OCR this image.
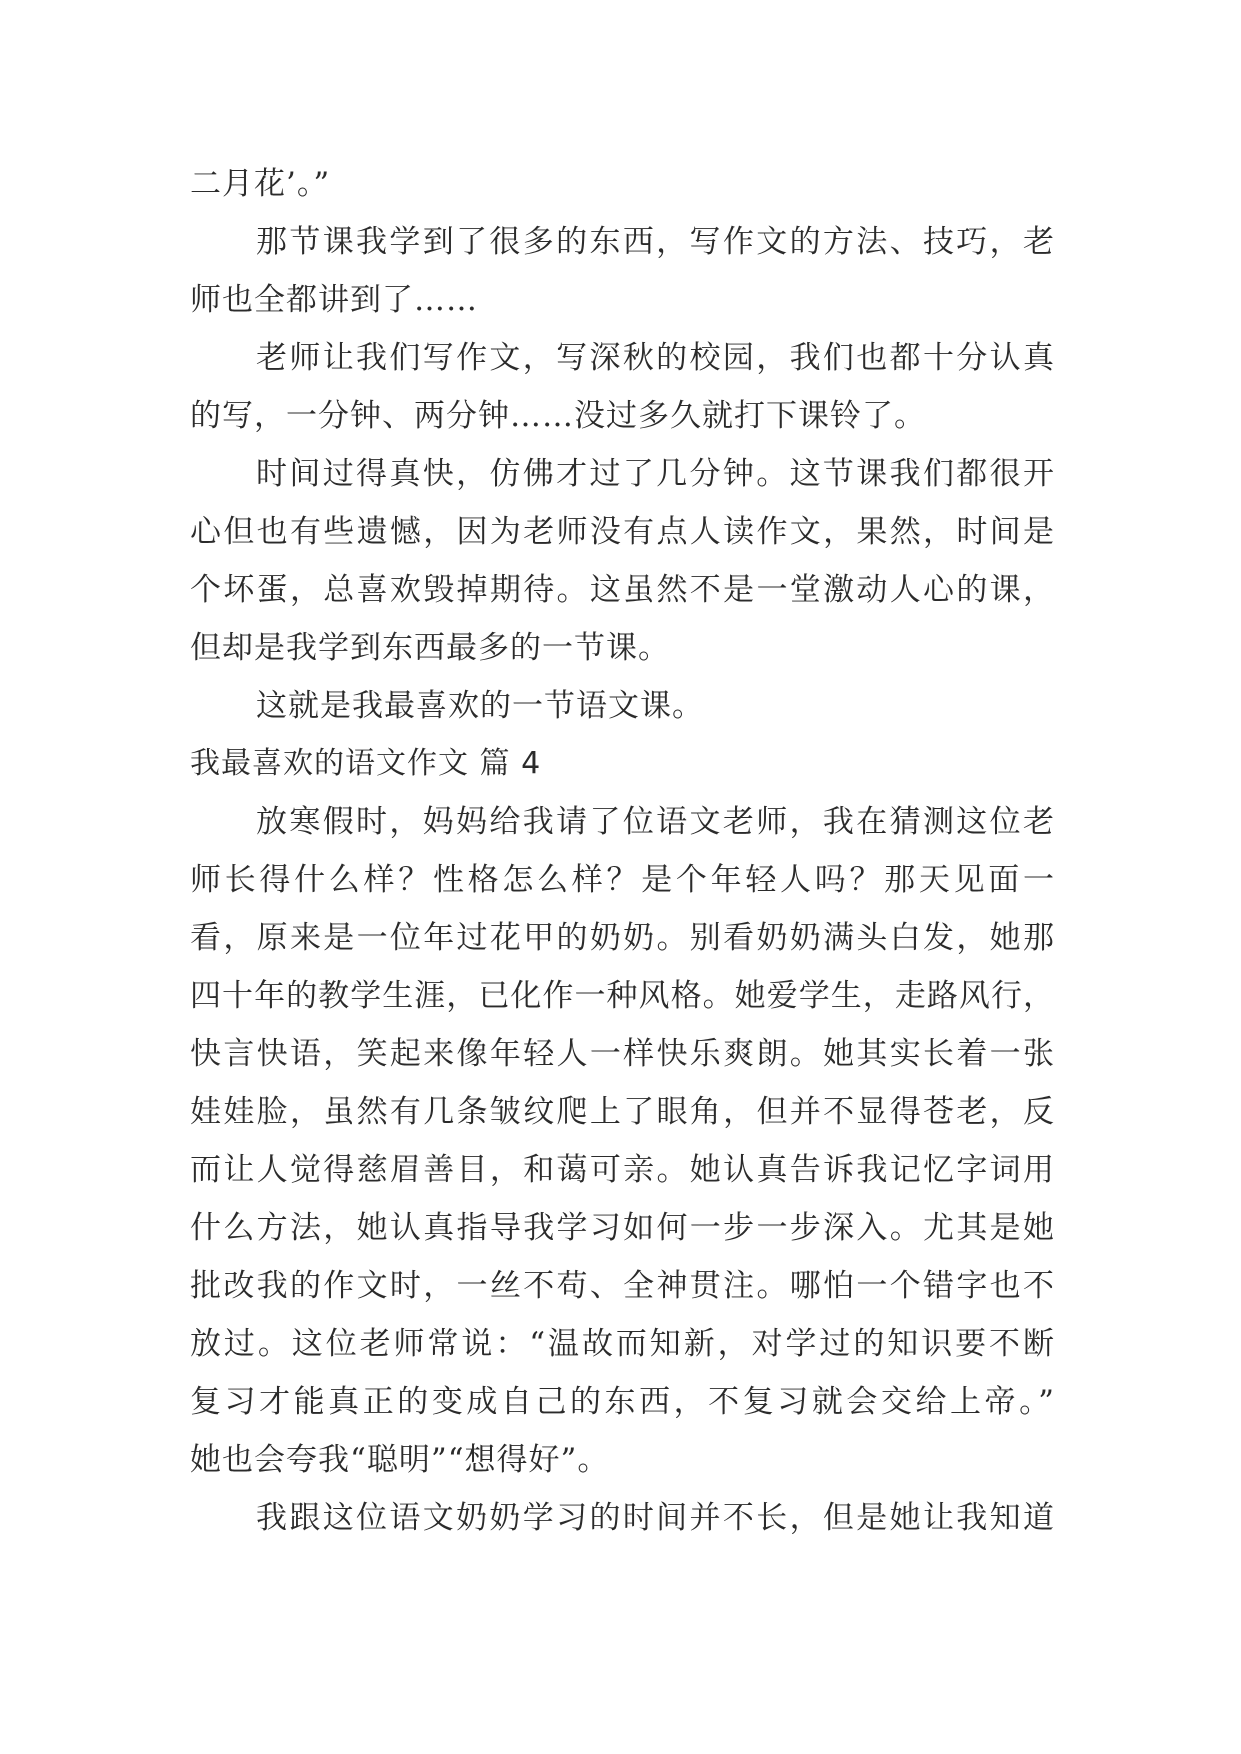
二月花’。”
那节课我学到了很多的东西，写作文的方法、技巧，老
师也全都讲到了……
老师让我们写作文，写深秋的校园，我们也都十分认真
的写，一分钟、两分钟……没过多久就打下课铃了。
时间过得真快，仿佛才过了几分钟。这节课我们都很开
心但也有些遗憾，因为老师没有点人读作文，果然，时间是
个坏蛋，总喜欢毁掉期待。这虽然不是一堂激动人心的课，
但却是我学到东西最多的一节课。
这就是我最喜欢的一节语文课。
我最喜欢的语文作文 篇 4
放寒假时，妈妈给我请了位语文老师，我在猜测这位老
师长得什么样？性格怎么样？是个年轻人吗？那天见面一
看，原来是一位年过花甲的奶奶。别看奶奶满头白发，她那
四十年的教学生涯，已化作一种风格。她爱学生，走路风行，
快言快语，笑起来像年轻人一样快乐爽朗。她其实长着一张
娃娃脸，虽然有几条皱纹爬上了眼角，但并不显得苍老，反
而让人觉得慈眉善目，和蔼可亲。她认真告诉我记忆字词用
什么方法，她认真指导我学习如何一步一步深入。尤其是她
批改我的作文时，一丝不苟、全神贯注。哪怕一个错字也不
放过。这位老师常说：“温故而知新，对学过的知识要不断
复习才能真正的变成自己的东西，不复习就会交给上帝。”
她也会夸我“聪明”“想得好”。
我跟这位语文奶奶学习的时间并不长，但是她让我知道
